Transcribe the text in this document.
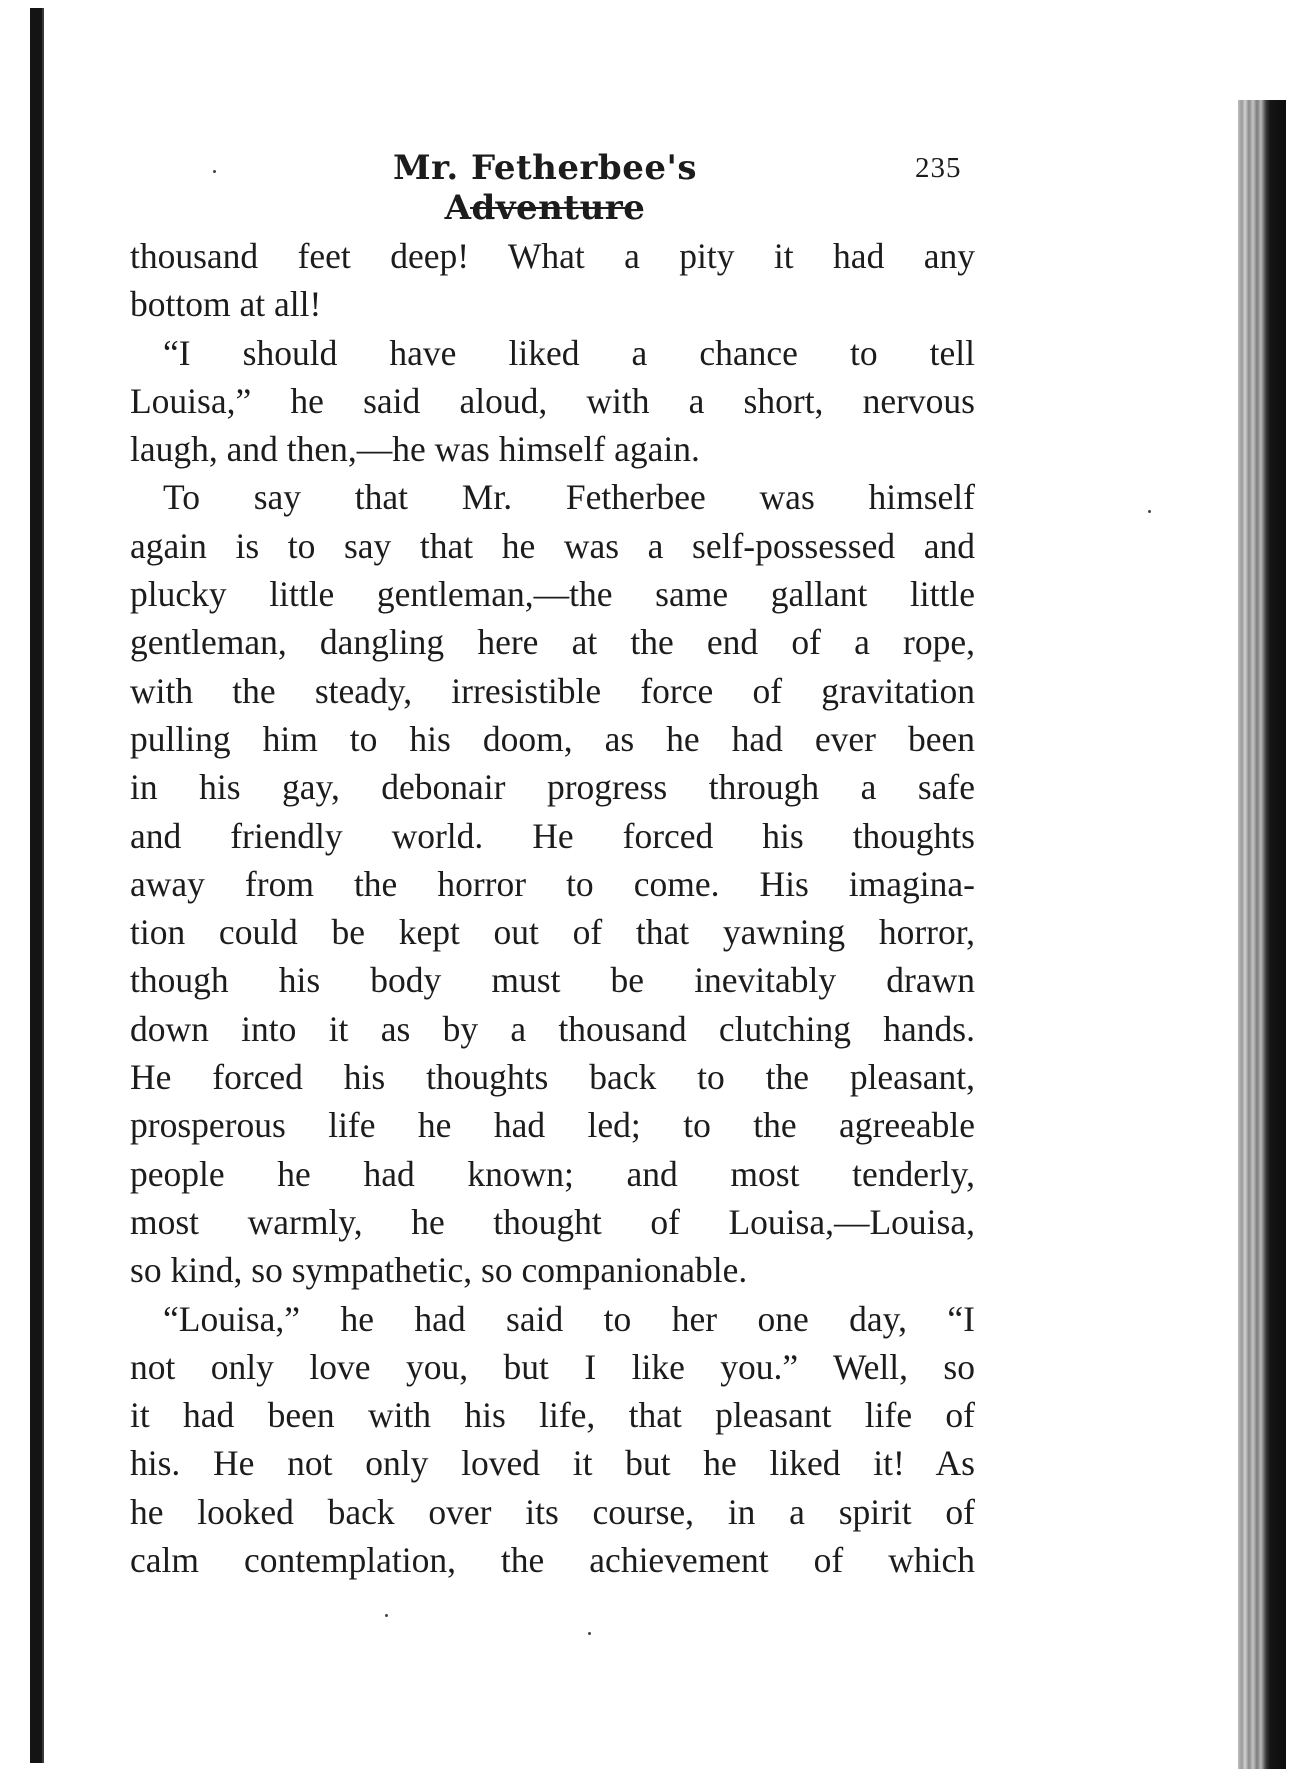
Mr. Fetherbee's Adventure
235
thousand feet deep! What a pity it had any
bottom at all!
“I should have liked a chance to tell
Louisa,” he said aloud, with a short, nervous
laugh, and then,—he was himself again.
To say that Mr. Fetherbee was himself
again is to say that he was a self-possessed and
plucky little gentleman,—the same gallant little
gentleman, dangling here at the end of a rope,
with the steady, irresistible force of gravitation
pulling him to his doom, as he had ever been
in his gay, debonair progress through a safe
and friendly world. He forced his thoughts
away from the horror to come. His imagina-
tion could be kept out of that yawning horror,
though his body must be inevitably drawn
down into it as by a thousand clutching hands.
He forced his thoughts back to the pleasant,
prosperous life he had led; to the agreeable
people he had known; and most tenderly,
most warmly, he thought of Louisa,—Louisa,
so kind, so sympathetic, so companionable.
“Louisa,” he had said to her one day, “I
not only love you, but I like you.” Well, so
it had been with his life, that pleasant life of
his. He not only loved it but he liked it! As
he looked back over its course, in a spirit of
calm contemplation, the achievement of which
